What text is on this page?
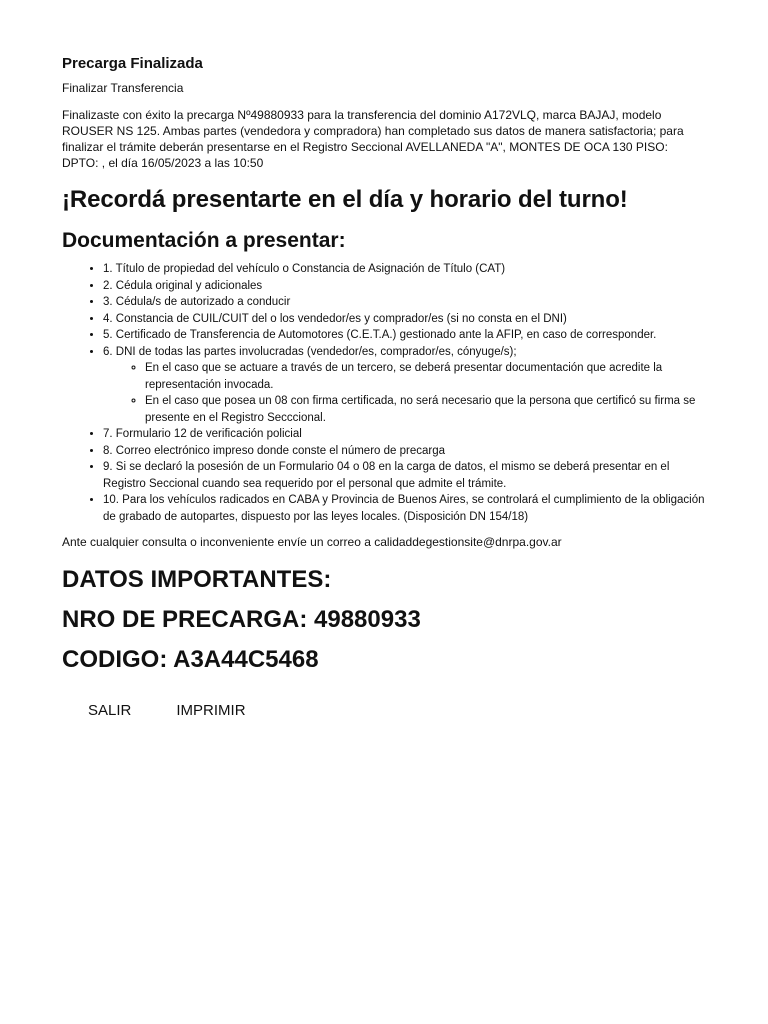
Precarga Finalizada
Finalizar Transferencia

Finalizaste con éxito la precarga Nº49880933 para la transferencia del dominio A172VLQ, marca BAJAJ, modelo ROUSER NS 125. Ambas partes (vendedora y compradora) han completado sus datos de manera satisfactoria; para finalizar el trámite deberán presentarse en el Registro Seccional AVELLANEDA "A", MONTES DE OCA 130 PISO: DPTO: , el día 16/05/2023 a las 10:50

¡Recordá presentarte en el día y horario del turno!
Documentación a presentar:
• 1. Título de propiedad del vehículo o Constancia de Asignación de Título (CAT)
• 2. Cédula original y adicionales
• 3. Cédula/s de autorizado a conducir
• 4. Constancia de CUIL/CUIT del o los vendedor/es y comprador/es (si no consta en el DNI)
• 5. Certificado de Transferencia de Automotores (C.E.T.A.) gestionado ante la AFIP, en caso de corresponder.
• 6. DNI de todas las partes involucradas (vendedor/es, comprador/es, cónyuge/s);
◦ En el caso que se actuare a través de un tercero, se deberá presentar documentación que acredite la representación invocada.
◦ En el caso que posea un 08 con firma certificada, no será necesario que la persona que certificó su firma se presente en el Registro Secccional.
• 7. Formulario 12 de verificación policial
• 8. Correo electrónico impreso donde conste el número de precarga
• 9. Si se declaró la posesión de un Formulario 04 o 08 en la carga de datos, el mismo se deberá presentar en el Registro Seccional cuando sea requerido por el personal que admite el trámite.
• 10. Para los vehículos radicados en CABA y Provincia de Buenos Aires, se controlará el cumplimiento de la obligación de grabado de autopartes, dispuesto por las leyes locales. (Disposición DN 154/18)

Ante cualquier consulta o inconveniente envíe un correo a calidaddegestionsite@dnrpa.gov.ar

DATOS IMPORTANTES:
NRO DE PRECARGA: 49880933
CODIGO: A3A44C5468
SALIR	IMPRIMIR
